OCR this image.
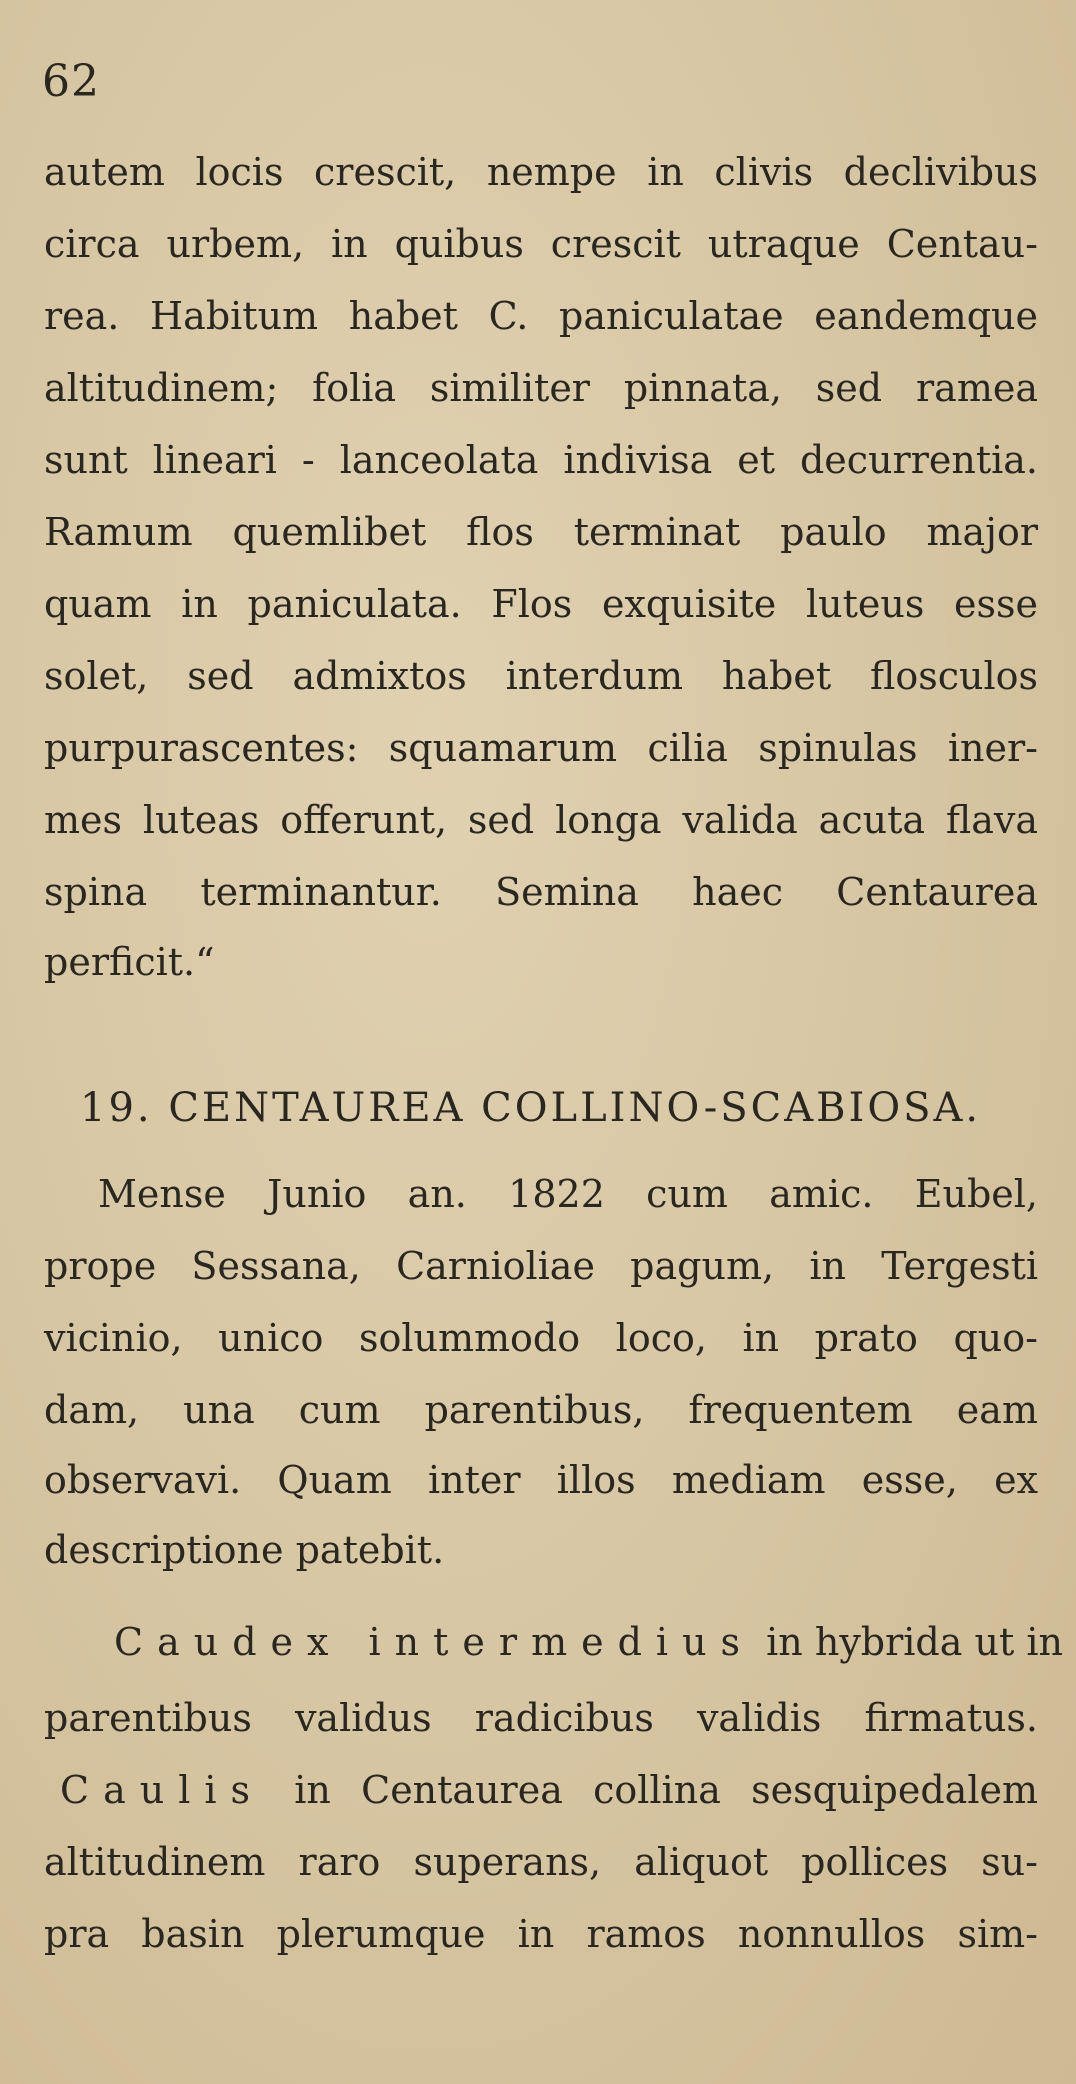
62
autem locis crescit, nempe in clivis declivibus
circa urbem, in quibus crescit utraque Centau-
rea. Habitum habet C. paniculatae eandemque
altitudinem; folia similiter pinnata, sed ramea
sunt lineari - lanceolata indivisa et decurrentia.
Ramum quemlibet flos terminat paulo major
quam in paniculata. Flos exquisite luteus esse
solet, sed admixtos interdum habet flosculos
purpurascentes: squamarum cilia spinulas iner-
mes luteas offerunt, sed longa valida acuta flava
spina terminantur. Semina haec Centaurea
perficit.“
19. CENTAUREA COLLINO-SCABIOSA.
Mense Junio an. 1822 cum amic. Eubel,
prope Sessana, Carnioliae pagum, in Tergesti
vicinio, unico solummodo loco, in prato quo-
dam, una cum parentibus, frequentem eam
observavi. Quam inter illos mediam esse, ex
descriptione patebit.
Caudex intermedius in hybrida ut in
parentibus validus radicibus validis firmatus.
Caulis in Centaurea collina sesquipedalem
altitudinem raro superans, aliquot pollices su-
pra basin plerumque in ramos nonnullos sim-
